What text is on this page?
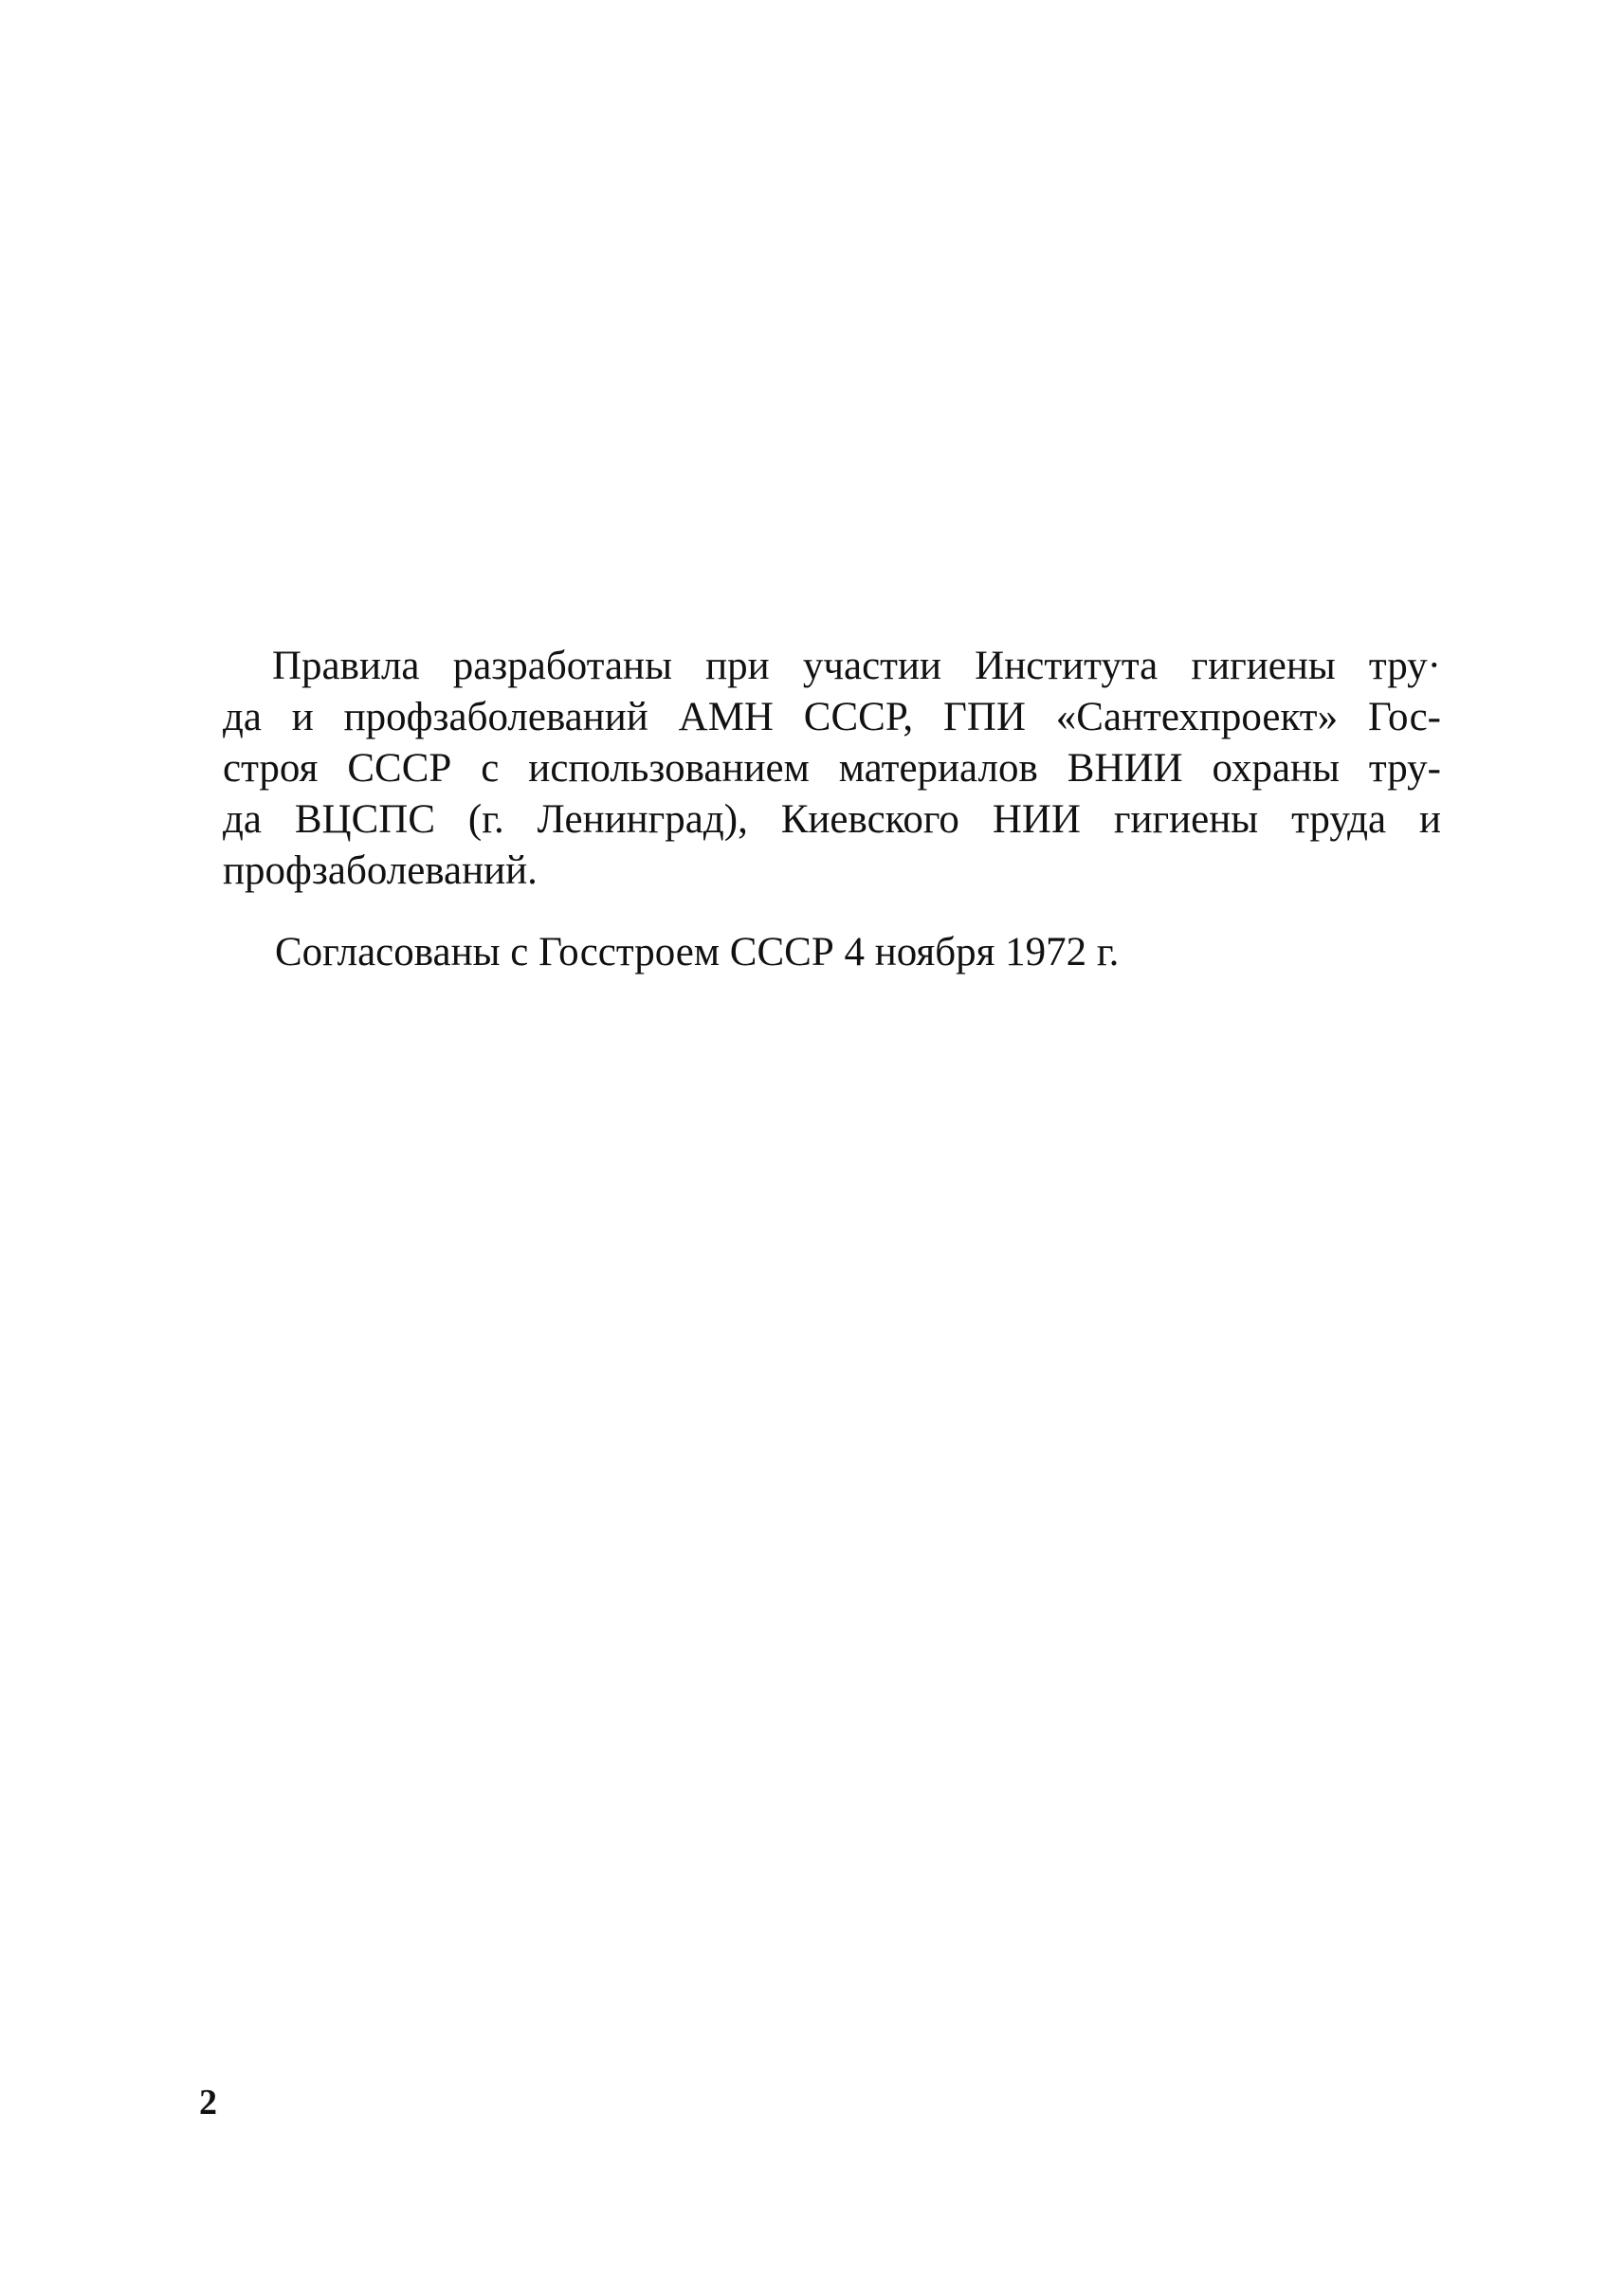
Правила разработаны при участии Института гигиены тру·
да и профзаболеваний АМН СССР, ГПИ «Сантехпроект» Гос-
строя СССР с использованием материалов ВНИИ охраны тру-
да ВЦСПС (г. Ленинград), Киевского НИИ гигиены труда и
профзаболеваний.
Согласованы с Госстроем СССР 4 ноября 1972 г.
2
